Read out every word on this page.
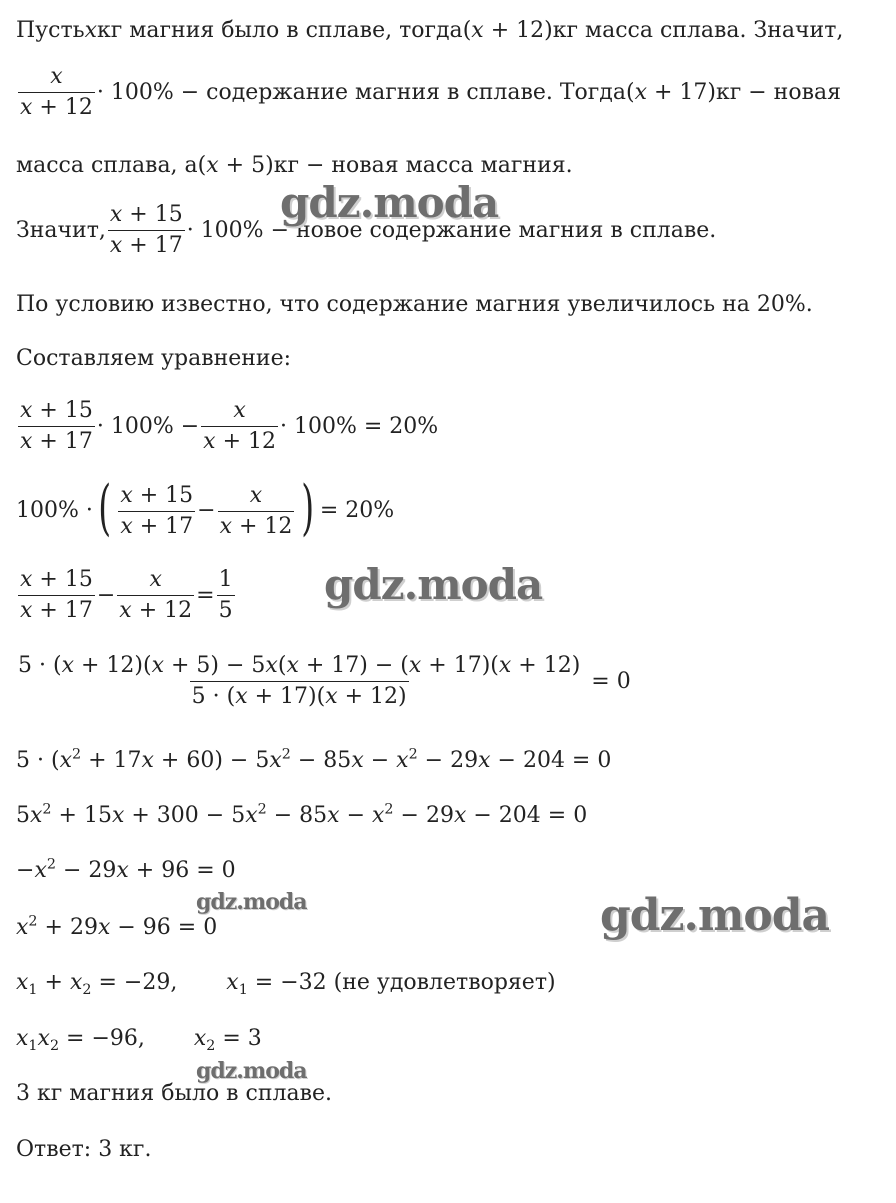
Пусть x кг магния было в сплаве, тогда ( x + 12) кг масса сплава. Значит,
$\frac{x}{x + 12} \cdot 100\%$ − содержание магния в сплаве. Тогда ( x + 17) кг − новая
масса сплава, а ( x + 5) кг − новая масса магния.
Значит, $\frac{x + 15}{x + 17} \cdot 100\%$ − новое содержание магния в сплаве.
По условию известно, что содержание магния увеличилось на 20%.
Составляем уравнение:
$\frac{x + 15}{x + 17} \cdot 100\% - \frac{x}{x + 12} \cdot 100\% = 20\%$
100% · ( $\frac{x + 15}{x + 17} - \frac{x}{x + 12}$ ) = 20%
$\frac{x + 15}{x + 17} - \frac{x}{x + 12} = \frac{1}{5}$
$\frac{5 \cdot (x + 12)(x + 5) - 5x(x + 17) - (x + 17)(x + 12)}{5 \cdot (x + 17)(x + 12)} = 0$
$5 \cdot (x^2 + 17x + 60) - 5x^2 - 85x - x^2 - 29x - 204 = 0$
$5x^2 + 15x + 300 - 5x^2 - 85x - x^2 - 29x - 204 = 0$
$-x^2 - 29x + 96 = 0$
$x^2 + 29x - 96 = 0$
$x_1 + x_2 = -29$,       $x_1 = -32$ (не удовлетворяет)
$x_1x_2 = -96$,       $x_2 = 3$
3 кг магния было в сплаве.
Ответ: 3 кг.
gdz.moda
gdz.moda
gdz.moda
gdz.moda
gdz.moda
